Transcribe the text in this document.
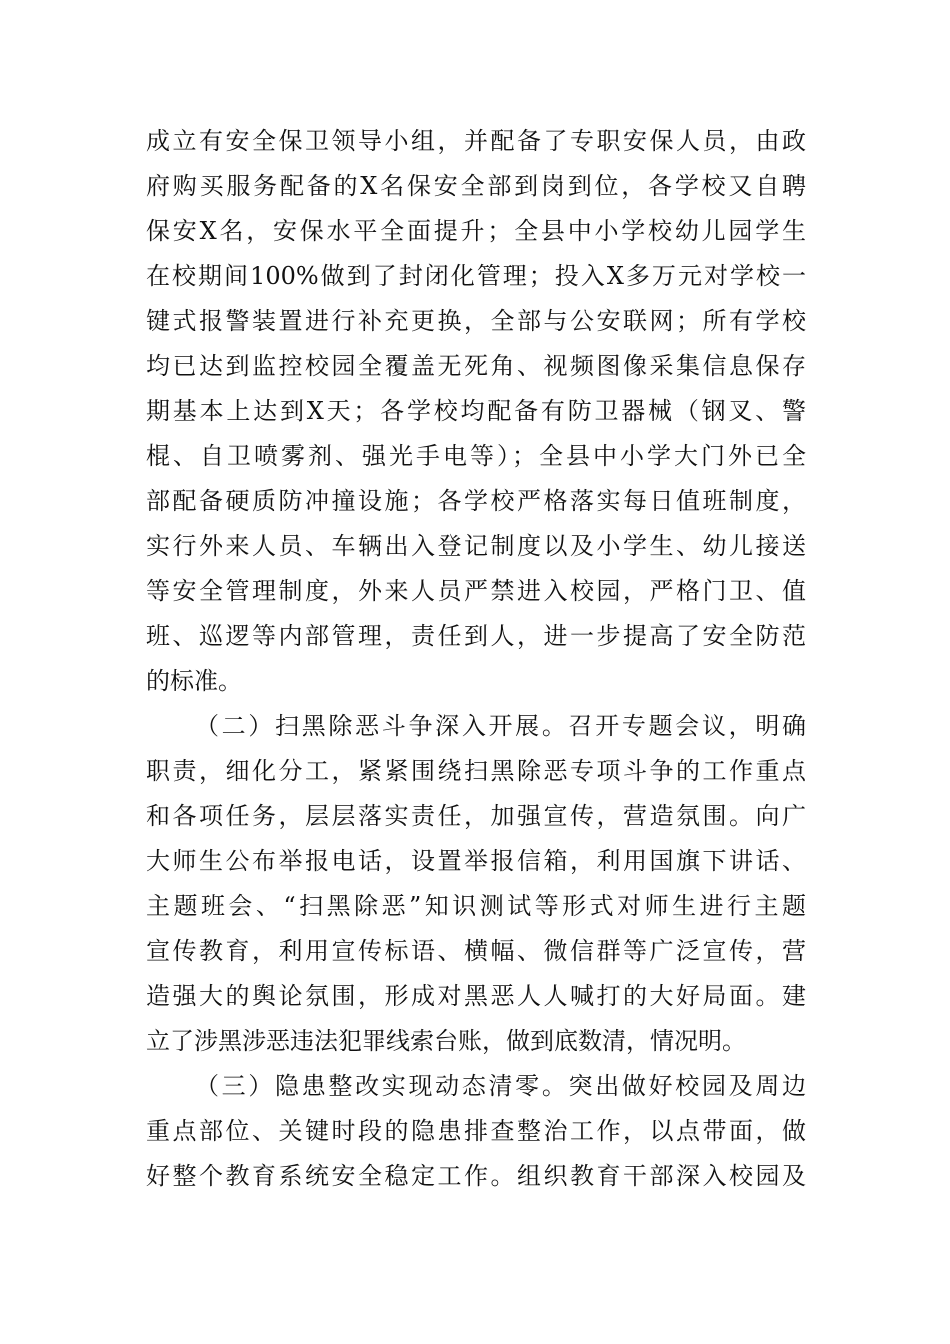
成立有安全保卫领导小组，并配备了专职安保人员，由政
府购买服务配备的X名保安全部到岗到位，各学校又自聘
保安X名，安保水平全面提升；全县中小学校幼儿园学生
在校期间100%做到了封闭化管理；投入X多万元对学校一
键式报警装置进行补充更换，全部与公安联网；所有学校
均已达到监控校园全覆盖无死角、视频图像采集信息保存
期基本上达到X天；各学校均配备有防卫器械（钢叉、警
棍、自卫喷雾剂、强光手电等）；全县中小学大门外已全
部配备硬质防冲撞设施；各学校严格落实每日值班制度，
实行外来人员、车辆出入登记制度以及小学生、幼儿接送
等安全管理制度，外来人员严禁进入校园，严格门卫、值
班、巡逻等内部管理，责任到人，进一步提高了安全防范
的标准。
（二）扫黑除恶斗争深入开展。召开专题会议，明确
职责，细化分工，紧紧围绕扫黑除恶专项斗争的工作重点
和各项任务，层层落实责任，加强宣传，营造氛围。向广
大师生公布举报电话，设置举报信箱，利用国旗下讲话、
主题班会、“扫黑除恶”知识测试等形式对师生进行主题
宣传教育，利用宣传标语、横幅、微信群等广泛宣传，营
造强大的舆论氛围，形成对黑恶人人喊打的大好局面。建
立了涉黑涉恶违法犯罪线索台账，做到底数清，情况明。
（三）隐患整改实现动态清零。突出做好校园及周边
重点部位、关键时段的隐患排查整治工作，以点带面，做
好整个教育系统安全稳定工作。组织教育干部深入校园及
